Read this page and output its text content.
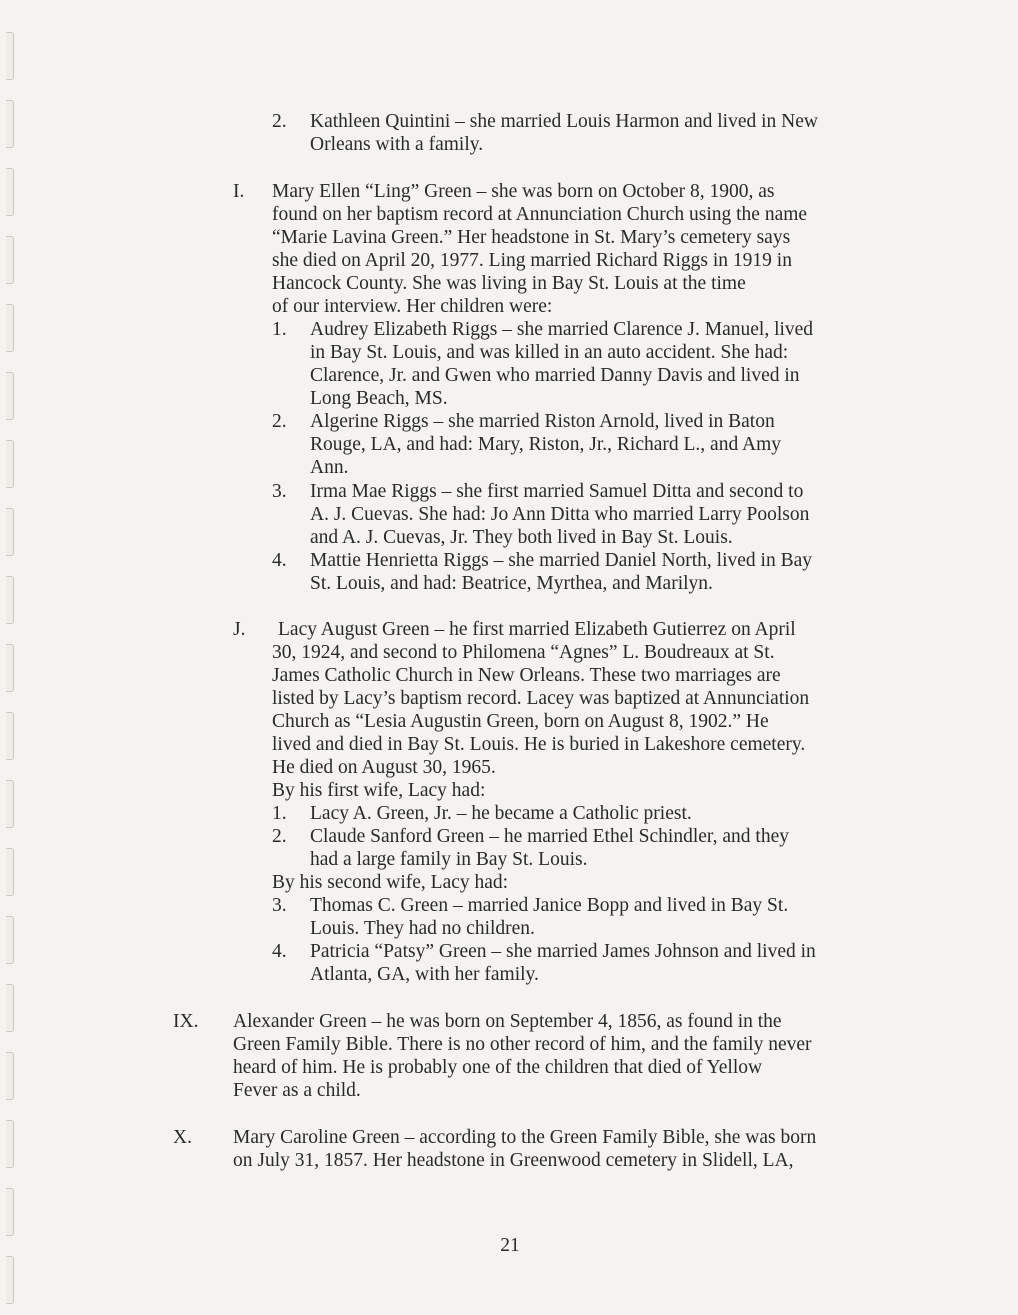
2. Kathleen Quintini – she married Louis Harmon and lived in New
Orleans with a family.
I. Mary Ellen “Ling” Green – she was born on October 8, 1900, as
found on her baptism record at Annunciation Church using the name
“Marie Lavina Green.” Her headstone in St. Mary’s cemetery says
she died on April 20, 1977. Ling married Richard Riggs in 1919 in
Hancock County. She was living in Bay St. Louis at the time
of our interview. Her children were:
1. Audrey Elizabeth Riggs – she married Clarence J. Manuel, lived
in Bay St. Louis, and was killed in an auto accident. She had:
Clarence, Jr. and Gwen who married Danny Davis and lived in
Long Beach, MS.
2. Algerine Riggs – she married Riston Arnold, lived in Baton
Rouge, LA, and had: Mary, Riston, Jr., Richard L., and Amy
Ann.
3. Irma Mae Riggs – she first married Samuel Ditta and second to
A. J. Cuevas. She had: Jo Ann Ditta who married Larry Poolson
and A. J. Cuevas, Jr. They both lived in Bay St. Louis.
4. Mattie Henrietta Riggs – she married Daniel North, lived in Bay
St. Louis, and had: Beatrice, Myrthea, and Marilyn.
J.	Lacy August Green – he first married Elizabeth Gutierrez on April
30, 1924, and second to Philomena “Agnes” L. Boudreaux at St.
James Catholic Church in New Orleans. These two marriages are
listed by Lacy’s baptism record. Lacey was baptized at Annunciation
Church as “Lesia Augustin Green, born on August 8, 1902.” He
lived and died in Bay St. Louis. He is buried in Lakeshore cemetery.
He died on August 30, 1965.
By his first wife, Lacy had:
1. Lacy A. Green, Jr. – he became a Catholic priest.
2. Claude Sanford Green – he married Ethel Schindler, and they
had a large family in Bay St. Louis.
By his second wife, Lacy had:
3. Thomas C. Green – married Janice Bopp and lived in Bay St.
Louis. They had no children.
4. Patricia “Patsy” Green – she married James Johnson and lived in
Atlanta, GA, with her family.
IX. Alexander Green – he was born on September 4, 1856, as found in the
Green Family Bible. There is no other record of him, and the family never
heard of him. He is probably one of the children that died of Yellow
Fever as a child.
X. Mary Caroline Green – according to the Green Family Bible, she was born
on July 31, 1857. Her headstone in Greenwood cemetery in Slidell, LA,
21
